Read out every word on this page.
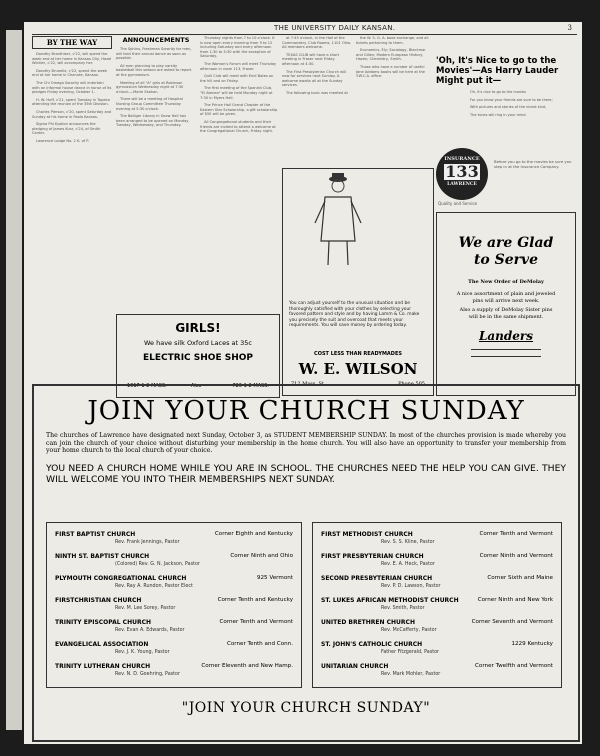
THE UNIVERSITY DAILY KANSAN.	3
BY THE WAY
Dorothy Branthiser, c'22, will spend the week end at her home in Kansas City, Hazel Wickler, c'22, will accompany her.
Dorothy Brunelle, c'22, spend the week end at her home in Chanute, Kansas.
The Chi Omega Sorority will entertain with an informal house dance in honor of its pledges Friday evening, October 1.
H. W. Huff, c'21, spent Tuesday in Topeka attending the reunion of the 35th Division.
Charles Pierson, c'20, spent Saturday and Sunday at his home in Paola Kansas.
Sigma Phi Epsilon announces the pledging of James Kurz, c'24, of Smith Center.
Lawrence Lodge No. 2 K. of P.
ANNOUNCEMENTS
The Sphinx, Freshman Sorority for men, will hold their annual dance as soon as possible.
All men planning to play varsity basketball this season are asked to report at the gymnasium.
Meeting of all "A" girls at Robinson gymnasium Wednesday night at 7:30 o'clock.—Marie Skahan.
There will be a meeting of Hospital Nursing Group Committee Thursday evening at 5:30 o'clock.
The Bailiger Library in Snow Hall has been arranged to be opened on Monday, Tuesday, Wednesday, and Thursday.
Thursday nights from 7 to 10 o'clock. It is now open every morning from 9 to 12 including Saturday and every afternoon from 1:30 to 5:30 with the exception of Saturday.
The Woman's Forum will meet Thursday afternoon in room 113, Fraser.
Quill Club will meet with Emil Bates on the hill and on Friday.
The first meeting of the Spanish Club, "El Ateneo" will be held Monday night at 7:30 in Myers Hall.
The Prince Hall Grand Chapter of the Eastern Star Scholarship, a gift scholarship of $50 will be given.
All Congregational students and their friends are invited to attend a welcome at the Congregational Church, Friday night.
at 7:45 o'clock, in the Hall of the Commandery. Club Rooms, 1101 Ohio. All members welcome.
TEXAS CLUB will have a short meeting in Fraser next Friday afternoon at 4:30.
The First Presbyterian Church will now for services next Sunday. A welcome awaits all at the Sunday services.
The following tonic was meeted at
the W. S. G. A. book exchange, and all tickets pertaining to them.
Economics, Ely; Sociology, Blackmar and Gillen; Modern European History, Hazen; Chemistry, Smith.
Those who have a number of useful Jane Addams books will be here at the Y.W.C.A. office.
'Oh, It's Nice to go to the Movies'—As Harry Lauder Might put it—
Oh, it's nice to go to the movies
For you know your friends are sure to be there;
With pictures and stories of the nicest kind,
The tunes will ring in your mind.
INSURANCE
133
LAWRENCE
Quality and Service
Before you go to the movies be sure you step in at the Insurance Company.
We are Glad
to Serve
The New Order of DeMolay
A nice assortment of plain and jeweled pins will arrive next week.
Also a supply of DeMolay Sister pins will be in the same shipment.
Landers
You can adjust yourself to the unusual situation and be thoroughly satisfied with your clothes by selecting your favored pattern and style and by having Lamm & Co. make you precisely the suit and overcoat that meets your requirements. You will save money by ordering today.
COST LESS THAN READYMADES
W. E. WILSON
712 Mass. St.	Phone 505
GIRLS!
We have silk Oxford Laces at 35c
ELECTRIC SHOE SHOP
1017 1-2 MASS.	Also	726 1-2 MASS.
JOIN YOUR CHURCH SUNDAY
The churches of Lawrence have designated next Sunday, October 3, as STUDENT MEMBERSHIP SUNDAY. In most of the churches provision is made whereby you can join the church of your choice without disturbing your membership in the home church. You will also have an opportunity to transfer your membership from your home church to the local church of your choice.
YOU NEED A CHURCH HOME WHILE YOU ARE IN SCHOOL. THE CHURCHES NEED THE HELP YOU CAN GIVE. THEY WILL WELCOME YOU INTO THEIR MEMBERSHIPS NEXT SUNDAY.
FIRST BAPTIST CHURCH	Corner Eighth and Kentucky
Rev. Frank Jennings, Pastor
NINTH ST. BAPTIST CHURCH	Corner Ninth and Ohio
(Colored) Rev. G. N. Jackson, Pastor
PLYMOUTH CONGREGATIONAL CHURCH	925 Vermont
Rev. Ray A. Rundon, Pastor Elect
FIRSTCHRISTIAN CHURCH	Corner Tenth and Kentucky
Rev. M. Lee Sorey, Pastor
TRINITY EPISCOPAL CHURCH	Corner Tenth and Vermont
Rev. Evan A. Edwards, Pastor
EVANGELICAL ASSOCIATION	Corner Tenth and Conn.
Rev. J. K. Young, Pastor
TRINITY LUTHERAN CHURCH	Corner Eleventh and New Hamp.
Rev. N. D. Goehring, Pastor
FIRST METHODIST CHURCH	Corner Tenth and Vermont
Rev. S. S. Kline, Pastor
FIRST PRESBYTERIAN CHURCH	Corner Ninth and Vermont
Rev. E. A. Heck, Pastor
SECOND PRESBYTERIAN CHURCH	Corner Sixth and Maine
Rev. P. D. Lawson, Pastor
ST. LUKES AFRICAN METHODIST CHURCH	Corner Ninth and New York
Rev. Smith, Pastor
UNITED BRETHREN CHURCH	Corner Seventh and Vermont
Rev. McCafferty, Pastor
ST. JOHN'S CATHOLIC CHURCH	1229 Kentucky
Father Fitzgerald, Pastor
UNITARIAN CHURCH	Corner Twelfth and Vermont
Rev. Mark Mohler, Pastor
"JOIN YOUR CHURCH SUNDAY"
